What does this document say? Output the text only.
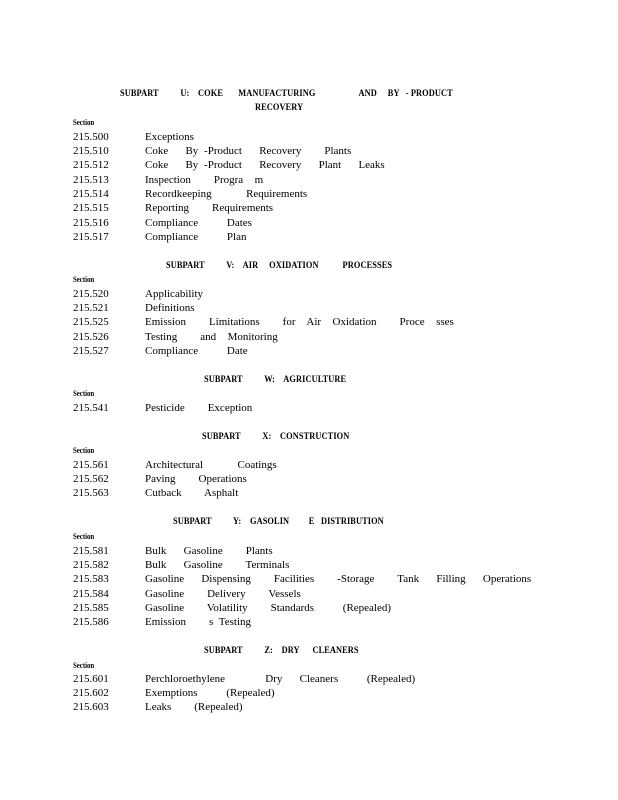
SUBPART          U:    COKE       MANUFACTURING                    AND     BY   - PRODUCT
RECOVERY
Section
215.500	Exceptions
215.510	Coke   By -Product   Recovery    Plants
215.512	Coke   By -Product   Recovery   Plant   Leaks
215.513	Inspection    Progra  m
215.514	Recordkeeping      Requirements
215.515	Reporting    Requirements
215.516	Compliance     Dates
215.517	Compliance     Plan
SUBPART          V:    AIR     OXIDATION           PROCESSES
Section
215.520	Applicability
215.521	Definitions
215.525	Emission    Limitations    for  Air  Oxidation    Proce  sses
215.526	Testing    and  Monitoring
215.527	Compliance     Date
SUBPART          W:    AGRICULTURE
Section
215.541	Pesticide    Exception
SUBPART          X:    CONSTRUCTION
Section
215.561	Architectural      Coatings
215.562	Paving    Operations
215.563	Cutback    Asphalt
SUBPART          Y:    GASOLIN         E   DISTRIBUTION
Section
215.581	Bulk   Gasoline    Plants
215.582	Bulk   Gasoline    Terminals
215.583	Gasoline   Dispensing    Facilities    -Storage    Tank   Filling   Operations
215.584	Gasoline    Delivery    Vessels
215.585	Gasoline    Volatility    Standards     (Repealed)
215.586	Emission    s Testing
SUBPART          Z:    DRY      CLEANERS
Section
215.601	Perchloroethylene       Dry   Cleaners     (Repealed)
215.602	Exemptions     (Repealed)
215.603	Leaks    (Repealed)
